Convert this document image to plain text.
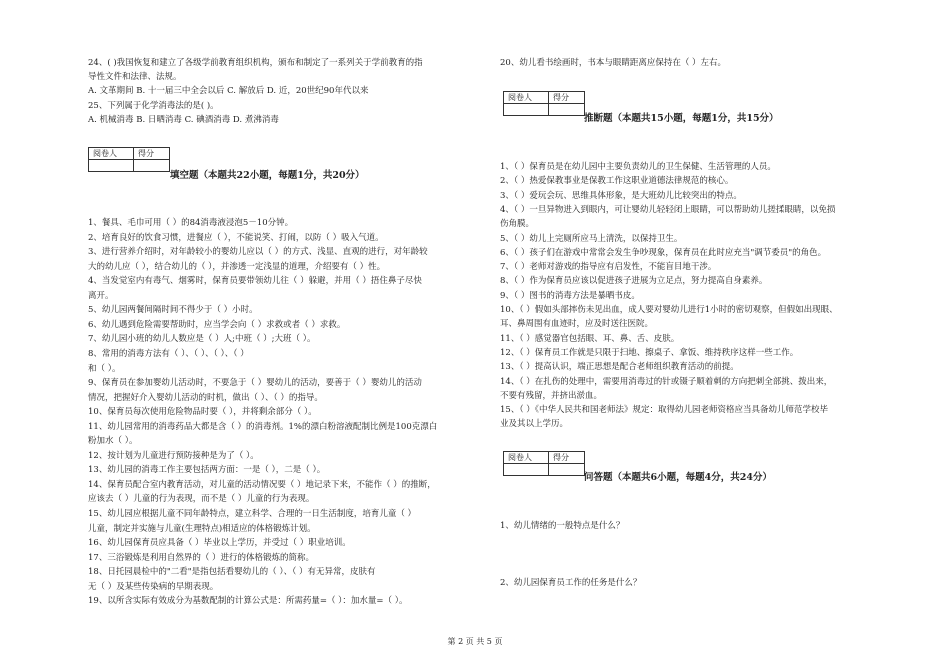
24、( )我国恢复和建立了各级学前教育组织机构，颁布和制定了一系列关于学前教育的指
导性文件和法律、法规。
A. 文革期间 B. 十一届三中全会以后 C. 解放后 D. 近，20世纪90年代以来
25、下列属于化学消毒法的是( )。
A. 机械消毒 B. 日晒消毒 C. 碘酒消毒 D. 煮沸消毒
阅卷人	得分

填空题（本题共22小题，每题1分，共20分）
1、餐具、毛巾可用（ ）的84消毒液浸泡5－10分钟。
2、培育良好的饮食习惯，进餐应（ ），不能说笑、打闹，以防（ ）吸入气道。
3、进行营养介绍时，对年龄较小的婴幼儿应以（ ）的方式、浅显、直观的进行，对年龄较
大的幼儿应（ ），结合幼儿的（ ），并渗透一定浅显的道理，介绍要有（ ）性。
4、当发觉室内有毒气、烟雾时，保育员要带领幼儿往（ ）躲避，并用（ ）捂住鼻子尽快
离开。
5、幼儿园两餐间隔时间不得少于（ ）小时。
6、幼儿遇到危险需要帮助时，应当学会向（ ）求救或者（ ）求救。
7、幼儿园小班的幼儿人数应是（ ）人;中班（ ）;大班（ ）。
8、常用的消毒方法有（ ）、（ ）、（ ）、（ ）
和（ ）。
9、保育员在参加婴幼儿活动时，不要急于（ ）婴幼儿的活动，要善于（ ）婴幼儿的活动
情况，把握好介入婴幼儿活动的时机，做出（ ）、（ ）的指导。
10、保育员每次使用危险物品时要（ ），并将剩余部分（ ）。
11、幼儿园常用的消毒药品大都是含（ ）的消毒剂。1%的漂白粉溶液配制比例是100克漂白
粉加水（ ）。
12、按计划为儿童进行预防接种是为了（ ）。
13、幼儿园的消毒工作主要包括两方面：一是（ ），二是（ ）。
14、保育员配合室内教育活动，对儿童的活动情况要（ ）地记录下来，不能作（ ）的推断，
应该去（ ）儿童的行为表现，而不是（ ）儿童的行为表现。
15、幼儿园应根据儿童不同年龄特点，建立科学、合理的一日生活制度，培育儿童（ ）
儿童，制定并实施与儿童(生理特点)相适应的体格锻炼计划。
16、幼儿园保育员应具备（ ）毕业以上学历，并受过（ ）职业培训。
17、三浴锻炼是利用自然界的（ ）进行的体格锻炼的简称。
18、日托园晨检中的"二看"是指包括看婴幼儿的（ ）、（ ）有无异常，皮肤有
无（ ）及某些传染病的早期表现。
19、以所含实际有效成分为基数配制的计算公式是：所需药量=（ ）：加水量=（ ）。
20、幼儿看书绘画时，书本与眼睛距离应保持在（ ）左右。
阅卷人	得分

推断题（本题共15小题，每题1分，共15分）
1、（ ）保育员是在幼儿园中主要负责幼儿的卫生保健、生活管理的人员。
2、（ ）热爱保教事业是保教工作这职业道德法律规范的核心。
3、（ ）爱玩会玩、思维具体形象，是大班幼儿比较突出的特点。
4、（ ）一旦异物进入到眼内，可让婴幼儿轻轻闭上眼睛，可以帮助幼儿搓揉眼睛，以免损
伤角膜。
5、（ ）幼儿上完厕所应马上清洗，以保持卫生。
6、（ ）孩子们在游戏中常常会发生争吵现象，保育员在此时应充当"调节委员"的角色。
7、（ ）老师对游戏的指导应有启发性，不能盲目地干涉。
8、（ ）作为保育员应该以促进孩子进展为立足点，努力提高自身素养。
9、（ ）图书的消毒方法是暴晒书皮。
10、（ ）假如头部摔伤未见出血，成人要对婴幼儿进行1小时的密切观察，但假如出现眼、
耳、鼻周围有血迹时，应及时送往医院。
11、（ ）感觉器官包括眼、耳、鼻、舌、皮肤。
12、（ ）保育员工作就是只限于扫地、擦桌子、拿饭、维持秩序这样一些工作。
13、（ ）提高认识，端正思想是配合老师组织教育活动的前提。
14、（ ）在扎伤的处理中，需要用消毒过的针或镊子顺着刺的方向把刺全部挑、拨出来，
不要有残留，并挤出淤血。
15、（ ）《中华人民共和国老师法》规定：取得幼儿园老师资格应当具备幼儿师范学校毕
业及其以上学历。
阅卷人	得分

问答题（本题共6小题，每题4分，共24分）
1、幼儿情绪的一般特点是什么？
2、幼儿园保育员工作的任务是什么？
第 2 页 共 5 页
